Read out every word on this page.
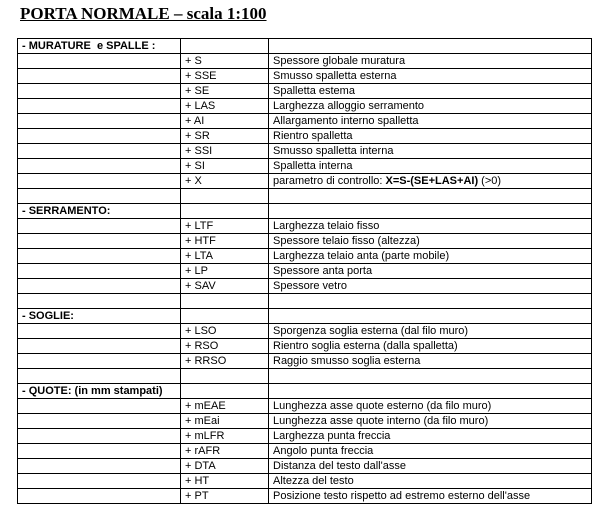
PORTA NORMALE – scala 1:100
- MURATURE  e SPALLE :		
	+ S	Spessore globale muratura
	+ SSE	Smusso spalletta esterna
	+ SE	Spalletta estema
	+ LAS	Larghezza alloggio serramento
	+ AI	Allargamento interno spalletta
	+ SR	Rientro spalletta
	+ SSI	Smusso spalletta interna
	+ SI	Spalletta interna
	+ X	parametro di controllo: X=S-(SE+LAS+AI) (>0)

- SERRAMENTO:		
	+ LTF	Larghezza telaio fisso
	+ HTF	Spessore telaio fisso (altezza)
	+ LTA	Larghezza telaio anta (parte mobile)
	+ LP	Spessore anta porta
	+ SAV	Spessore vetro

- SOGLIE:		
	+ LSO	Sporgenza soglia esterna (dal filo muro)
	+ RSO	Rientro soglia esterna (dalla spalletta)
	+ RRSO	Raggio smusso soglia esterna

- QUOTE: (in mm stampati)		
	+ mEAE	Lunghezza asse quote esterno (da filo muro)
	+ mEai	Lunghezza asse quote interno (da filo muro)
	+ mLFR	Larghezza punta freccia
	+ rAFR	Angolo punta freccia
	+ DTA	Distanza del testo dall'asse
	+ HT	Altezza del testo
	+ PT	Posizione testo rispetto ad estremo esterno dell'asse
